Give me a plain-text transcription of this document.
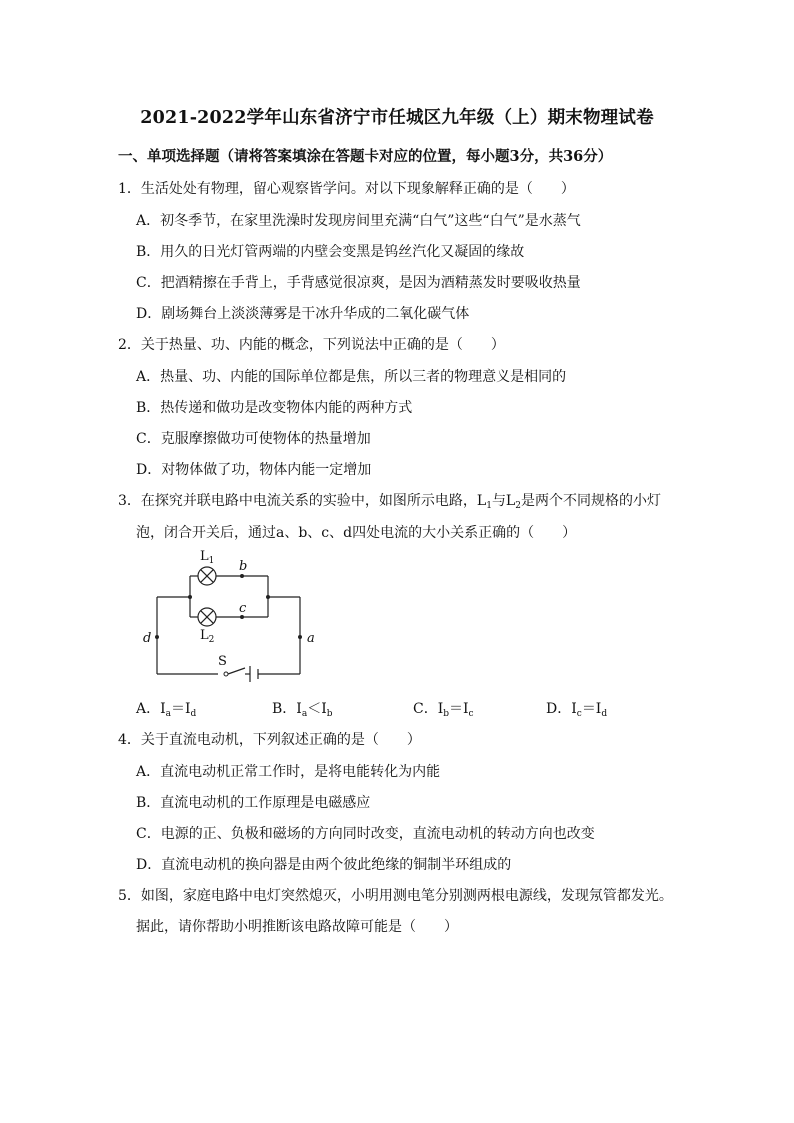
2021-2022学年山东省济宁市任城区九年级（上）期末物理试卷
一、单项选择题（请将答案填涂在答题卡对应的位置，每小题3分，共36分）
1．生活处处有物理，留心观察皆学问。对以下现象解释正确的是（　　）
A．初冬季节，在家里洗澡时发现房间里充满“白气”这些“白气”是水蒸气
B．用久的日光灯管两端的内壁会变黑是钨丝汽化又凝固的缘故
C．把酒精擦在手背上，手背感觉很凉爽，是因为酒精蒸发时要吸收热量
D．剧场舞台上淡淡薄雾是干冰升华成的二氧化碳气体
2．关于热量、功、内能的概念，下列说法中正确的是（　　）
A．热量、功、内能的国际单位都是焦，所以三者的物理意义是相同的
B．热传递和做功是改变物体内能的两种方式
C．克服摩擦做功可使物体的热量增加
D．对物体做了功，物体内能一定增加
3．在探究并联电路中电流关系的实验中，如图所示电路，$L_1$与$L_2$是两个不同规格的小灯
泡，闭合开关后，通过a、b、c、d四处电流的大小关系正确的（　　）
$L_1$
$L_2$
b
c
d	a
S
A．$I_a=I_d$	B．$I_a<I_b$	C．$I_b=I_c$	D．$I_c=I_d$
4．关于直流电动机，下列叙述正确的是（　　）
A．直流电动机正常工作时，是将电能转化为内能
B．直流电动机的工作原理是电磁感应
C．电源的正、负极和磁场的方向同时改变，直流电动机的转动方向也改变
D．直流电动机的换向器是由两个彼此绝缘的铜制半环组成的
5．如图，家庭电路中电灯突然熄灭，小明用测电笔分别测两根电源线，发现氖管都发光。
据此，请你帮助小明推断该电路故障可能是（　　）
